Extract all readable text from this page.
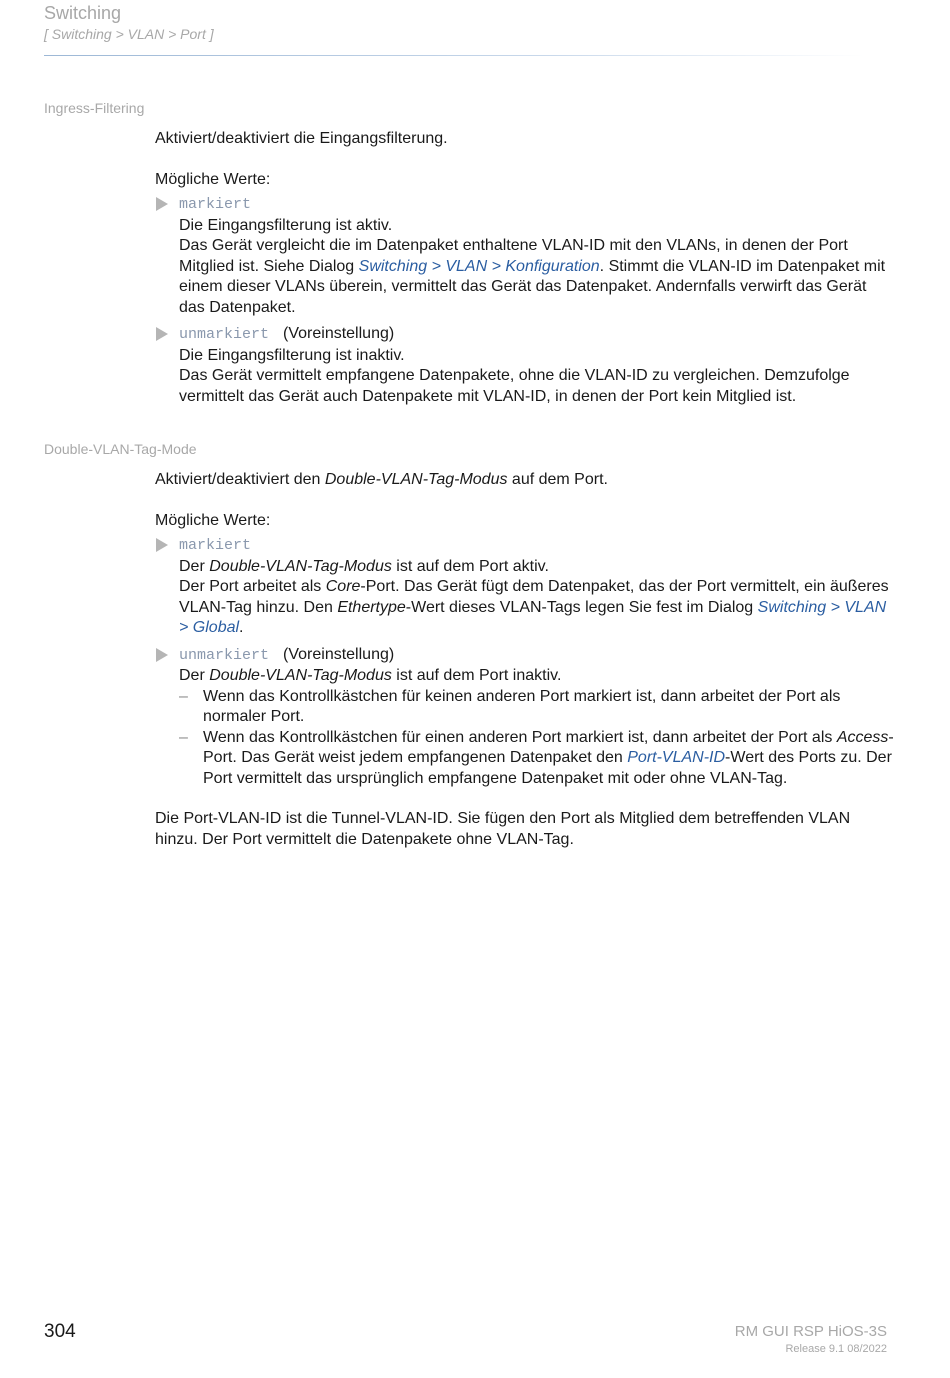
Switching
[ Switching > VLAN > Port ]
Ingress-Filtering

Aktiviert/deaktiviert die Eingangsfilterung.

Mögliche Werte:

markiert

Die Eingangsfilterung ist aktiv.

Das Gerät vergleicht die im Datenpaket enthaltene VLAN-ID mit den VLANs, in denen der Port Mitglied ist. Siehe Dialog Switching > VLAN > Konfiguration. Stimmt die VLAN-ID im Datenpaket mit einem dieser VLANs überein, vermittelt das Gerät das Datenpaket. Andernfalls verwirft das Gerät das Datenpaket.

unmarkiert (Voreinstellung)

Die Eingangsfilterung ist inaktiv.

Das Gerät vermittelt empfangene Datenpakete, ohne die VLAN-ID zu vergleichen. Demzufolge vermittelt das Gerät auch Datenpakete mit VLAN-ID, in denen der Port kein Mitglied ist.

Double-VLAN-Tag-Mode

Aktiviert/deaktiviert den Double-VLAN-Tag-Modus auf dem Port.

Mögliche Werte:

markiert

Der Double-VLAN-Tag-Modus ist auf dem Port aktiv.

Der Port arbeitet als Core-Port. Das Gerät fügt dem Datenpaket, das der Port vermittelt, ein äußeres VLAN-Tag hinzu. Den Ethertype-Wert dieses VLAN-Tags legen Sie fest im Dialog Switching > VLAN > Global.

unmarkiert (Voreinstellung)

Der Double-VLAN-Tag-Modus ist auf dem Port inaktiv.

– Wenn das Kontrollkästchen für keinen anderen Port markiert ist, dann arbeitet der Port als normaler Port.
– Wenn das Kontrollkästchen für einen anderen Port markiert ist, dann arbeitet der Port als Access-Port. Das Gerät weist jedem empfangenen Datenpaket den Port-VLAN-ID-Wert des Ports zu. Der Port vermittelt das ursprünglich empfangene Datenpaket mit oder ohne VLAN-Tag.

Die Port-VLAN-ID ist die Tunnel-VLAN-ID. Sie fügen den Port als Mitglied dem betreffenden VLAN hinzu. Der Port vermittelt die Datenpakete ohne VLAN-Tag.

304	RM GUI RSP HiOS-3S
Release 9.1 08/2022
